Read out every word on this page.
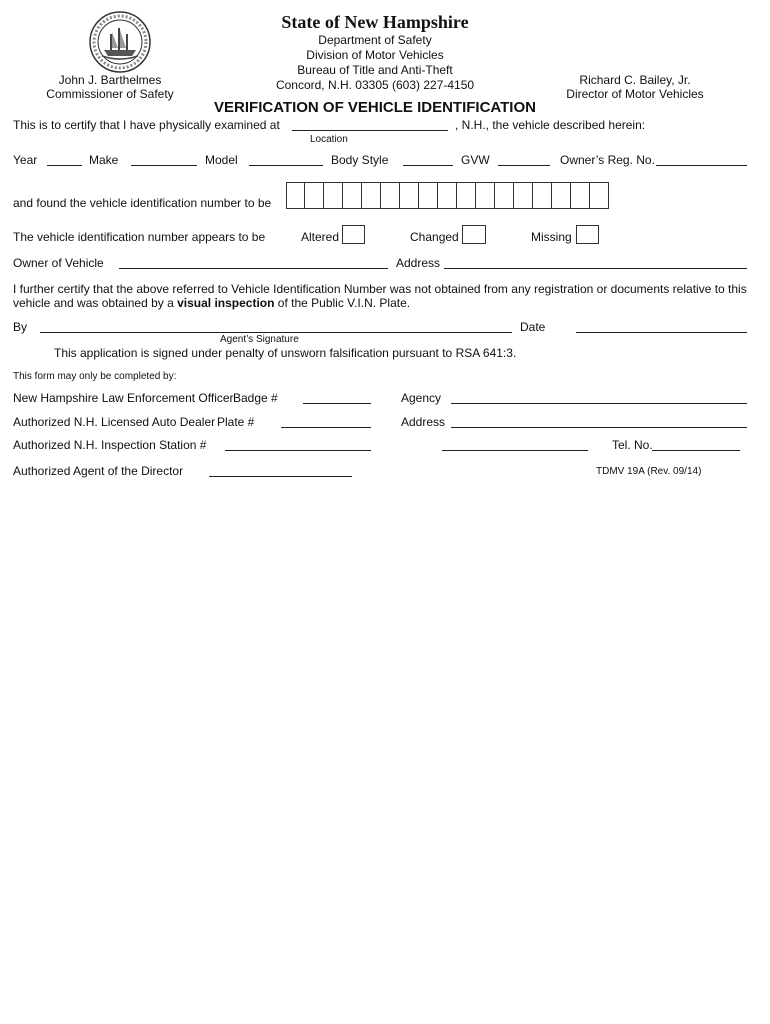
State of New Hampshire
Department of Safety
Division of Motor Vehicles
Bureau of Title and Anti-Theft
Concord, N.H. 03305 (603) 227-4150
John J. Barthelmes
Commissioner of Safety
Richard C. Bailey, Jr.
Director of Motor Vehicles
VERIFICATION OF VEHICLE IDENTIFICATION
This is to certify that I have physically examined at	, N.H., the vehicle described herein:
Location
Year	Make	Model	Body Style	GVW	Owner’s Reg. No.
and found the vehicle identification number to be
The vehicle identification number appears to be	Altered	Changed	Missing
Owner of Vehicle	Address
I further certify that the above referred to Vehicle Identification Number was not obtained from any registration or documents relative to this
vehicle and was obtained by a visual inspection of the Public V.I.N. Plate.
By	Date
Agent’s Signature
This application is signed under penalty of unsworn falsification pursuant to RSA 641:3.
This form may only be completed by:
New Hampshire Law Enforcement Officer Badge #	Agency
Authorized N.H. Licensed Auto Dealer Plate #	Address
Authorized N.H. Inspection Station #	Tel. No.
Authorized Agent of the Director	TDMV 19A (Rev. 09/14)
